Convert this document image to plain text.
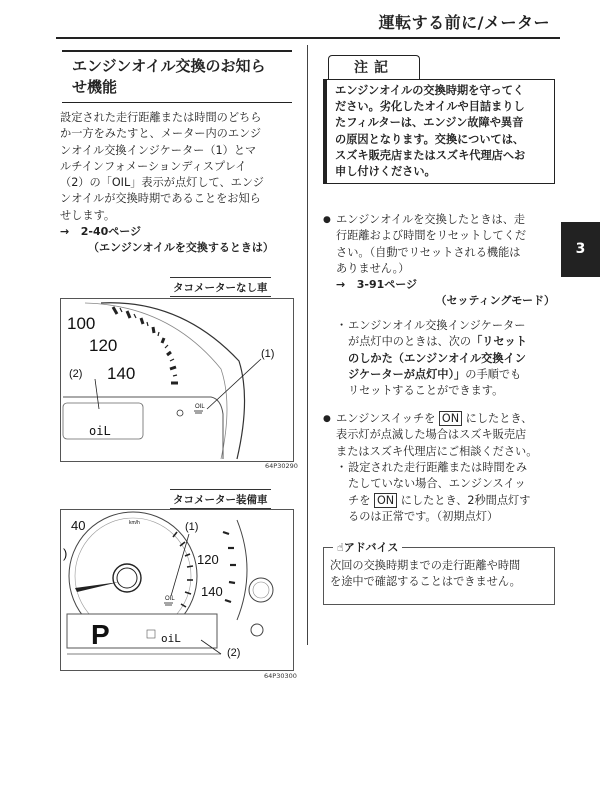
運転する前に/メーター
3
エンジンオイル交換のお知ら
せ機能
設定された走行距離または時間のどちら
か一方をみたすと、メーター内のエンジ
ンオイル交換インジケーター（1）とマ
ルチインフォメーションディスプレイ
（2）の「OIL」表示が点灯して、エンジ
ンオイルが交換時期であることをお知ら
せします。
→ 2-40ページ
（エンジンオイルを交換するときは）
タコメーターなし車
100
120
140
oiL
OIL
(1)
(2)
64P30290
タコメーター装備車
40
)
km/h
120
140
OIL
(1)
P	oiL
(2)
64P30300
注記
エンジンオイルの交換時期を守ってく
ださい。劣化したオイルや目詰まりし
たフィルターは、エンジン故障や異音
の原因となります。交換については、
スズキ販売店またはスズキ代理店へお
申し付けください。
● エンジンオイルを交換したときは、走
行距離および時間をリセットしてくだ
さい。（自動でリセットされる機能は
ありません。）
→ 3-91ページ
（セッティングモード）
・ エンジンオイル交換インジケーター
が点灯中のときは、次の「リセット
のしかた（エンジンオイル交換イン
ジケーターが点灯中）」の手順でも
リセットすることができます。
● エンジンスイッチを ON にしたとき、
表示灯が点滅した場合はスズキ販売店
またはスズキ代理店にご相談ください。
・ 設定された走行距離または時間をみ
たしていない場合、エンジンスイッ
チを ON にしたとき、2秒間点灯す
るのは正常です。（初期点灯）
☝アドバイス
次回の交換時期までの走行距離や時間
を途中で確認することはできません。
